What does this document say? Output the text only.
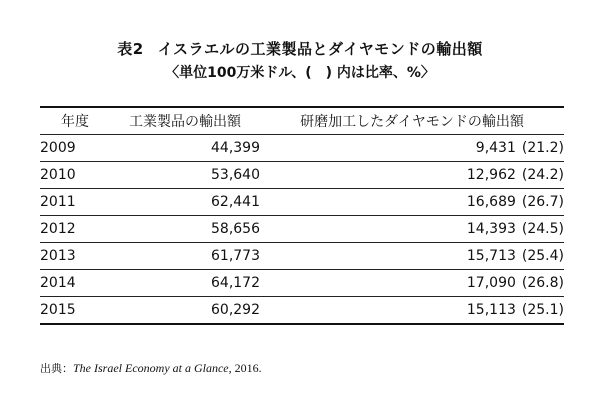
表2 イスラエルの工業製品とダイヤモンドの輸出額
〈単位100万米ドル、(　) 内は比率、%〉
年度	工業製品の輸出額	研磨加工したダイヤモンドの輸出額
2009	44,399	9,431 (21.2)
2010	53,640	12,962 (24.2)
2011	62,441	16,689 (26.7)
2012	58,656	14,393 (24.5)
2013	61,773	15,713 (25.4)
2014	64,172	17,090 (26.8)
2015	60,292	15,113 (25.1)
出典：The Israel Economy at a Glance, 2016.
